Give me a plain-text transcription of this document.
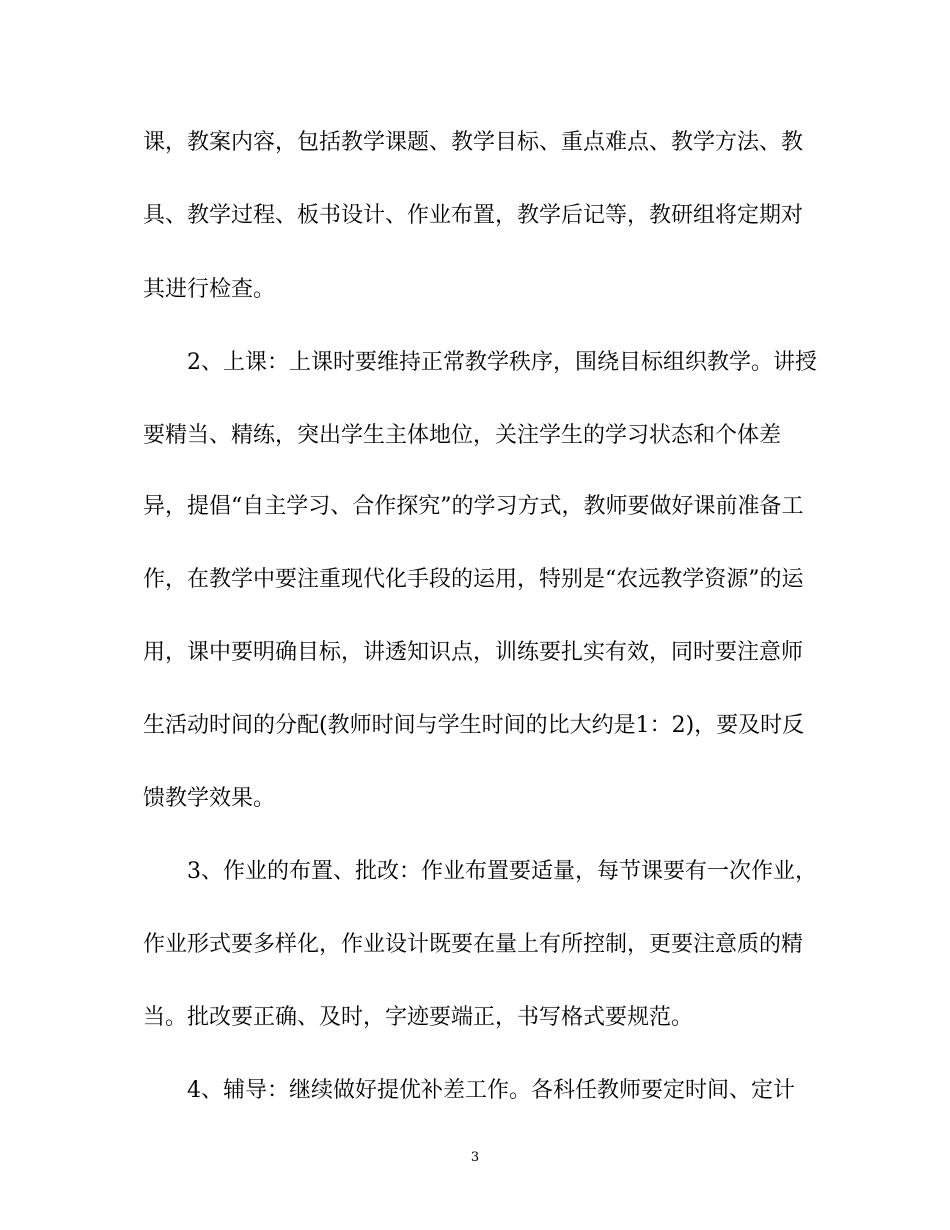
课，教案内容，包括教学课题、教学目标、重点难点、教学方法、教
具、教学过程、板书设计、作业布置，教学后记等，教研组将定期对
其进行检查。
　　2、上课：上课时要维持正常教学秩序，围绕目标组织教学。讲授
要精当、精练，突出学生主体地位，关注学生的学习状态和个体差
异，提倡“自主学习、合作探究”的学习方式，教师要做好课前准备工
作，在教学中要注重现代化手段的运用，特别是“农远教学资源”的运
用，课中要明确目标，讲透知识点，训练要扎实有效，同时要注意师
生活动时间的分配(教师时间与学生时间的比大约是1：2)，要及时反
馈教学效果。
　　3、作业的布置、批改：作业布置要适量，每节课要有一次作业，
作业形式要多样化，作业设计既要在量上有所控制，更要注意质的精
当。批改要正确、及时，字迹要端正，书写格式要规范。
　　4、辅导：继续做好提优补差工作。各科任教师要定时间、定计
3
